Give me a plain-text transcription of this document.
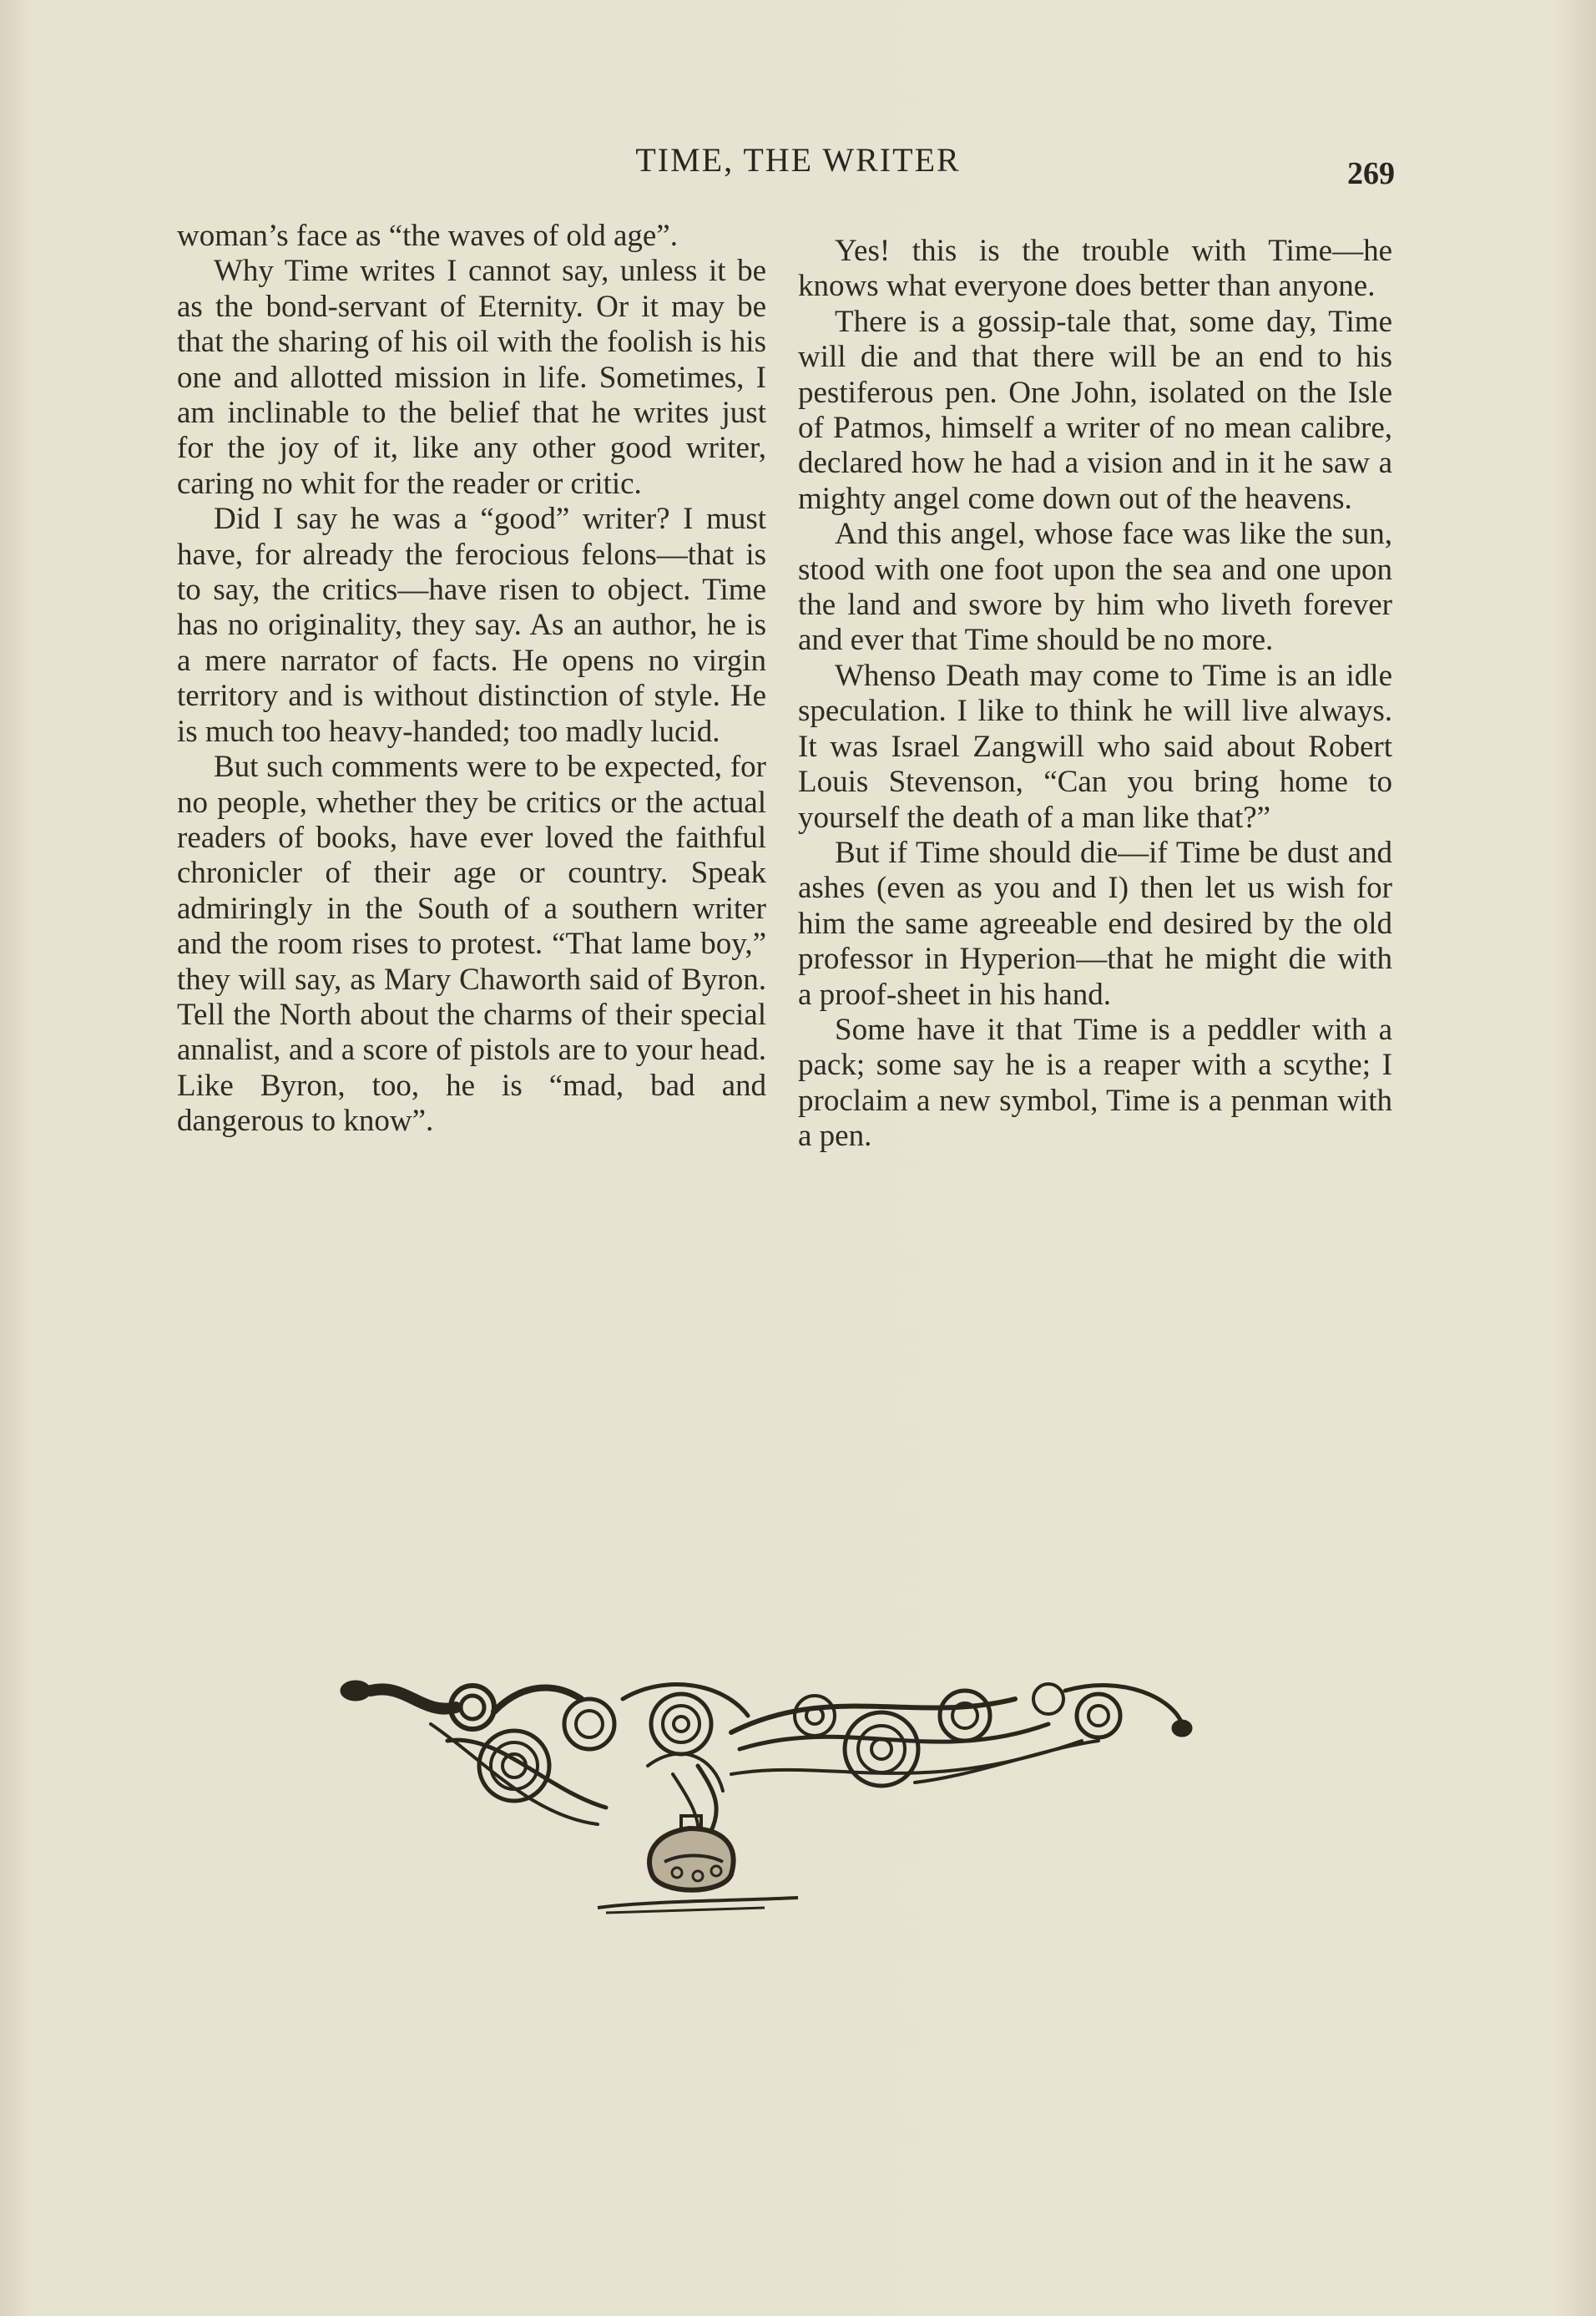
TIME, THE WRITER	269

woman’s face as “the waves of old age”.

Why Time writes I cannot say, unless it be as the bond-servant of Eternity. Or it may be that the sharing of his oil with the foolish is his one and allotted mission in life. Sometimes, I am inclinable to the belief that he writes just for the joy of it, like any other good writer, caring no whit for the reader or critic.

Did I say he was a “good” writer? I must have, for already the ferocious felons—that is to say, the critics—have risen to object. Time has no originality, they say. As an author, he is a mere narrator of facts. He opens no virgin territory and is without distinction of style. He is much too heavy-handed; too madly lucid.

But such comments were to be expected, for no people, whether they be critics or the actual readers of books, have ever loved the faithful chronicler of their age or country. Speak admiringly in the South of a southern writer and the room rises to protest. “That lame boy,” they will say, as Mary Chaworth said of Byron. Tell the North about the charms of their special annalist, and a score of pistols are to your head. Like Byron, too, he is “mad, bad and dangerous to know”.

Yes! this is the trouble with Time—he knows what everyone does better than anyone.

There is a gossip-tale that, some day, Time will die and that there will be an end to his pestiferous pen. One John, isolated on the Isle of Patmos, himself a writer of no mean calibre, declared how he had a vision and in it he saw a mighty angel come down out of the heavens.

And this angel, whose face was like the sun, stood with one foot upon the sea and one upon the land and swore by him who liveth forever and ever that Time should be no more.

Whenso Death may come to Time is an idle speculation. I like to think he will live always. It was Israel Zangwill who said about Robert Louis Stevenson, “Can you bring home to yourself the death of a man like that?”

But if Time should die—if Time be dust and ashes (even as you and I) then let us wish for him the same agreeable end desired by the old professor in Hyperion—that he might die with a proof-sheet in his hand.

Some have it that Time is a peddler with a pack; some say he is a reaper with a scythe; I proclaim a new symbol, Time is a penman with a pen.
